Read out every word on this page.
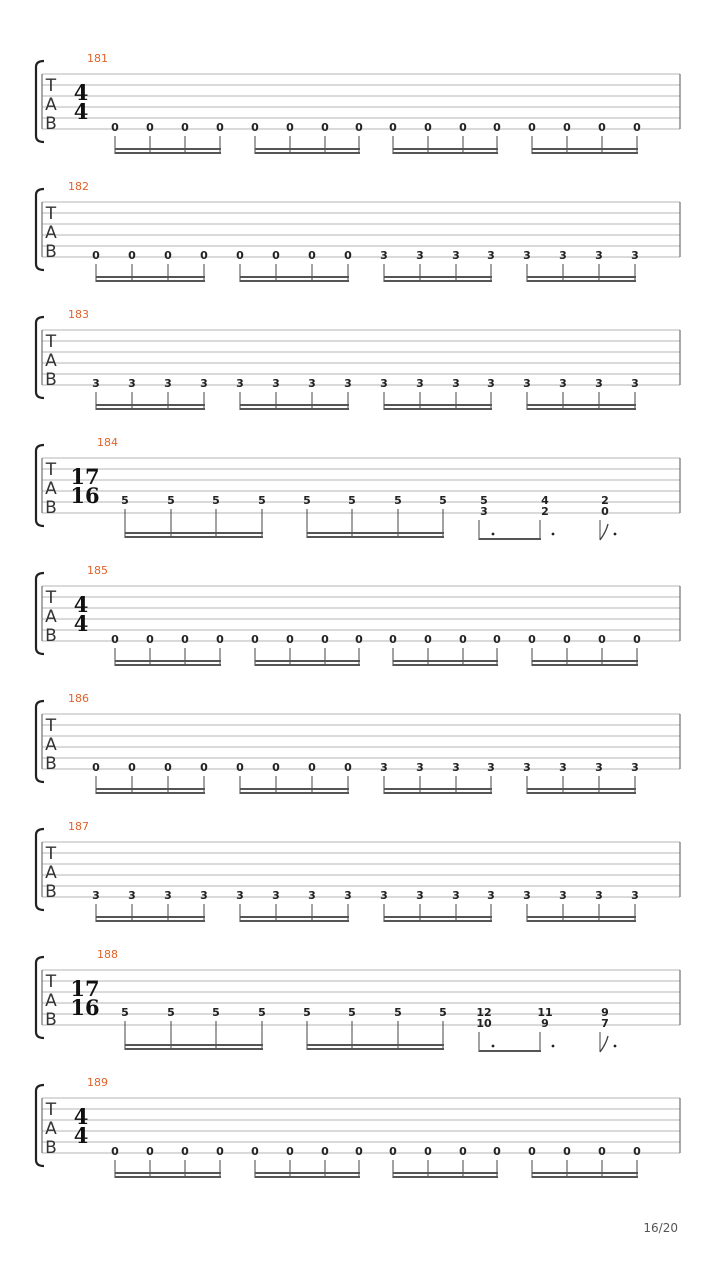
T
A
B
181
4
4
0 0 0 0 0 0 0 0 0 0 0 0 0 0 0 0
T
A
B
182
0	0	0	0	0	0	0	0	3	3	3 3	3	3	3	3
T
A
B
183
3	3	3	3	3	3	3	3	3	3	3 3	3	3	3	3
T
A
B
184
17
16 5	5	5	5	5	5	5	5	5
3
4
2
2
0
T
A
B
185
4
4
0 0 0 0 0 0 0 0 0 0 0 0 0 0 0 0
T
A
B
186
0	0	0	0	0	0	0	0	3	3	3 3	3	3	3	3
T
A
B
187
3	3	3	3	3	3	3	3	3	3	3 3	3	3	3	3
T
A
B
188
17
16 5	5	5	5	5	5	5	5	12
10
11
9
9
7
T
A
B
189
4
4
0 0 0 0 0 0 0 0 0 0 0 0 0 0 0 0
16/20
